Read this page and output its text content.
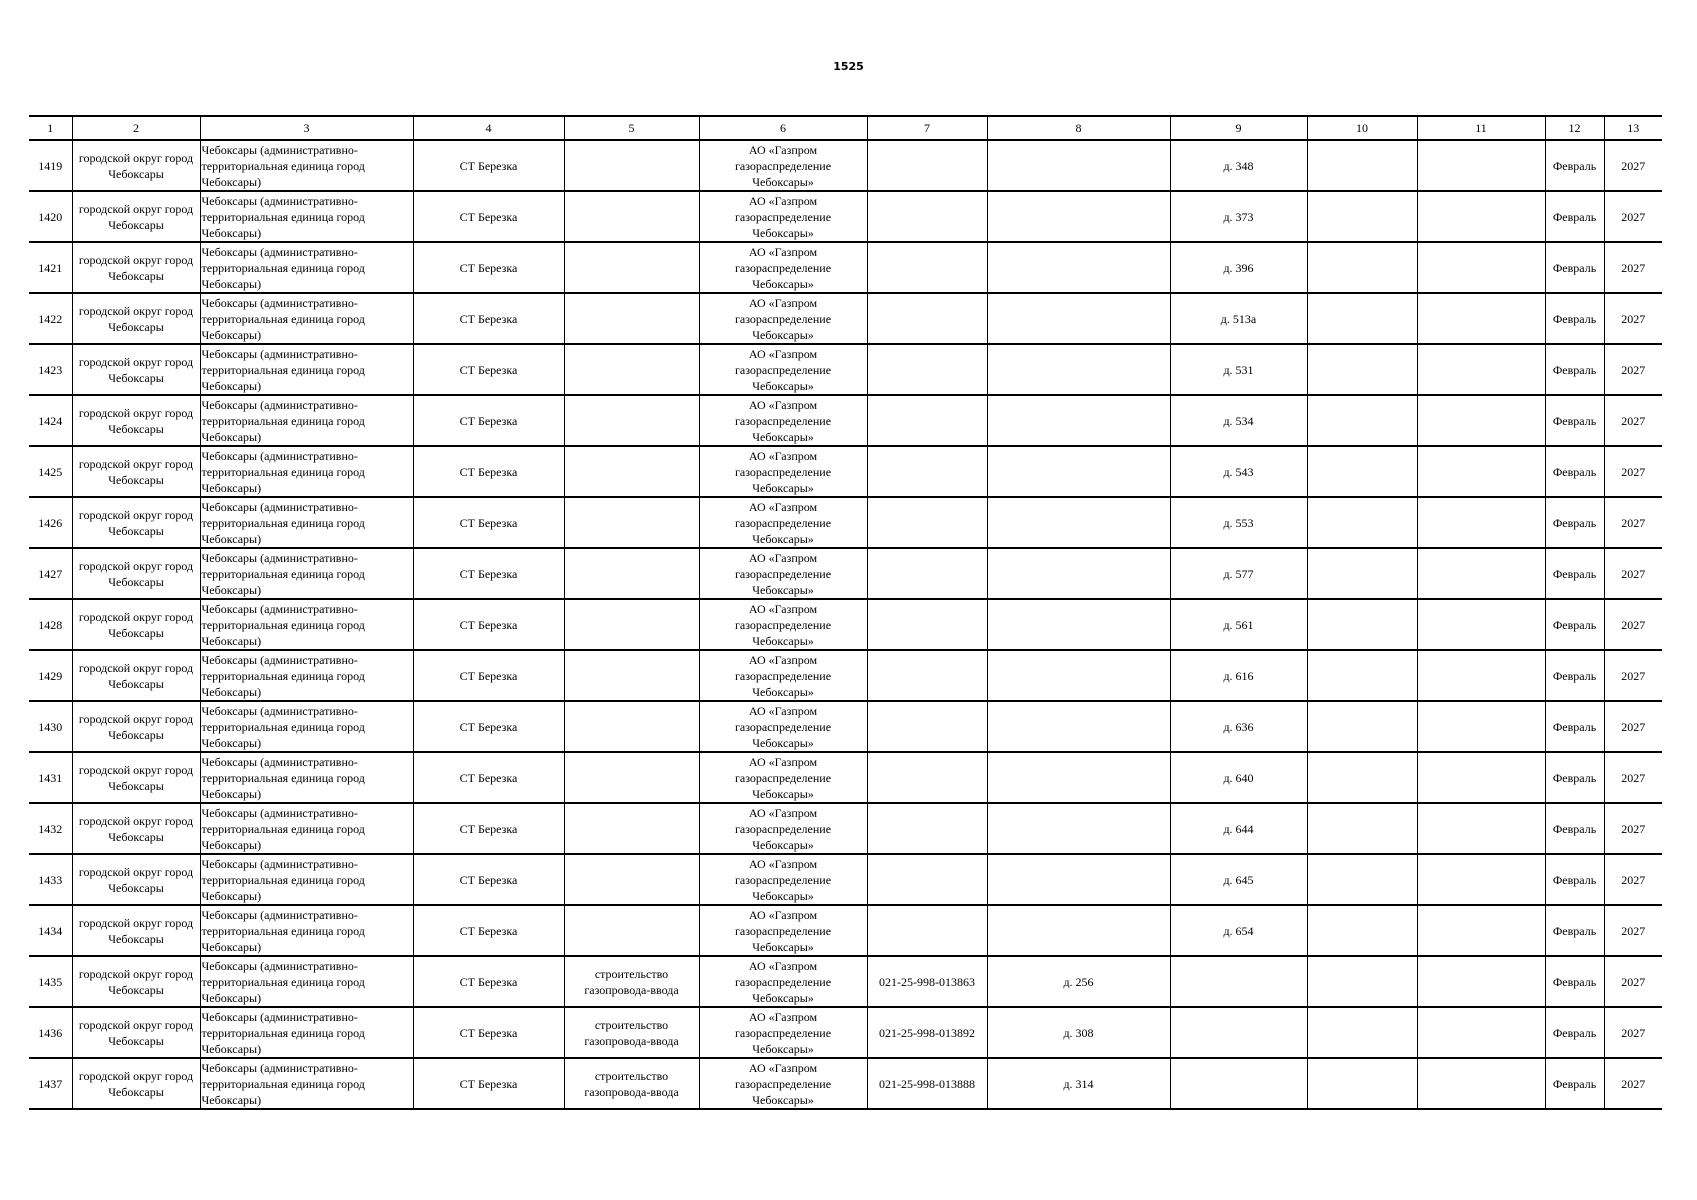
1525
1	2	3	4	5	6	7	8	9	10	11	12	13
1419	городской округ город
Чебоксары	Чебоксары (административно-
территориальная единица город
Чебоксары)	СТ Березка		АО «Газпром
газораспределение
Чебоксары»			д. 348			Февраль	2027
1420	городской округ город
Чебоксары	Чебоксары (административно-
территориальная единица город
Чебоксары)	СТ Березка		АО «Газпром
газораспределение
Чебоксары»			д. 373			Февраль	2027
1421	городской округ город
Чебоксары	Чебоксары (административно-
территориальная единица город
Чебоксары)	СТ Березка		АО «Газпром
газораспределение
Чебоксары»			д. 396			Февраль	2027
1422	городской округ город
Чебоксары	Чебоксары (административно-
территориальная единица город
Чебоксары)	СТ Березка		АО «Газпром
газораспределение
Чебоксары»			д. 513а			Февраль	2027
1423	городской округ город
Чебоксары	Чебоксары (административно-
территориальная единица город
Чебоксары)	СТ Березка		АО «Газпром
газораспределение
Чебоксары»			д. 531			Февраль	2027
1424	городской округ город
Чебоксары	Чебоксары (административно-
территориальная единица город
Чебоксары)	СТ Березка		АО «Газпром
газораспределение
Чебоксары»			д. 534			Февраль	2027
1425	городской округ город
Чебоксары	Чебоксары (административно-
территориальная единица город
Чебоксары)	СТ Березка		АО «Газпром
газораспределение
Чебоксары»			д. 543			Февраль	2027
1426	городской округ город
Чебоксары	Чебоксары (административно-
территориальная единица город
Чебоксары)	СТ Березка		АО «Газпром
газораспределение
Чебоксары»			д. 553			Февраль	2027
1427	городской округ город
Чебоксары	Чебоксары (административно-
территориальная единица город
Чебоксары)	СТ Березка		АО «Газпром
газораспределение
Чебоксары»			д. 577			Февраль	2027
1428	городской округ город
Чебоксары	Чебоксары (административно-
территориальная единица город
Чебоксары)	СТ Березка		АО «Газпром
газораспределение
Чебоксары»			д. 561			Февраль	2027
1429	городской округ город
Чебоксары	Чебоксары (административно-
территориальная единица город
Чебоксары)	СТ Березка		АО «Газпром
газораспределение
Чебоксары»			д. 616			Февраль	2027
1430	городской округ город
Чебоксары	Чебоксары (административно-
территориальная единица город
Чебоксары)	СТ Березка		АО «Газпром
газораспределение
Чебоксары»			д. 636			Февраль	2027
1431	городской округ город
Чебоксары	Чебоксары (административно-
территориальная единица город
Чебоксары)	СТ Березка		АО «Газпром
газораспределение
Чебоксары»			д. 640			Февраль	2027
1432	городской округ город
Чебоксары	Чебоксары (административно-
территориальная единица город
Чебоксары)	СТ Березка		АО «Газпром
газораспределение
Чебоксары»			д. 644			Февраль	2027
1433	городской округ город
Чебоксары	Чебоксары (административно-
территориальная единица город
Чебоксары)	СТ Березка		АО «Газпром
газораспределение
Чебоксары»			д. 645			Февраль	2027
1434	городской округ город
Чебоксары	Чебоксары (административно-
территориальная единица город
Чебоксары)	СТ Березка		АО «Газпром
газораспределение
Чебоксары»			д. 654			Февраль	2027
1435	городской округ город
Чебоксары	Чебоксары (административно-
территориальная единица город
Чебоксары)	СТ Березка	строительство
газопровода-ввода	АО «Газпром
газораспределение
Чебоксары»	021-25-998-013863	д. 256				Февраль	2027
1436	городской округ город
Чебоксары	Чебоксары (административно-
территориальная единица город
Чебоксары)	СТ Березка	строительство
газопровода-ввода	АО «Газпром
газораспределение
Чебоксары»	021-25-998-013892	д. 308				Февраль	2027
1437	городской округ город
Чебоксары	Чебоксары (административно-
территориальная единица город
Чебоксары)	СТ Березка	строительство
газопровода-ввода	АО «Газпром
газораспределение
Чебоксары»	021-25-998-013888	д. 314				Февраль	2027
